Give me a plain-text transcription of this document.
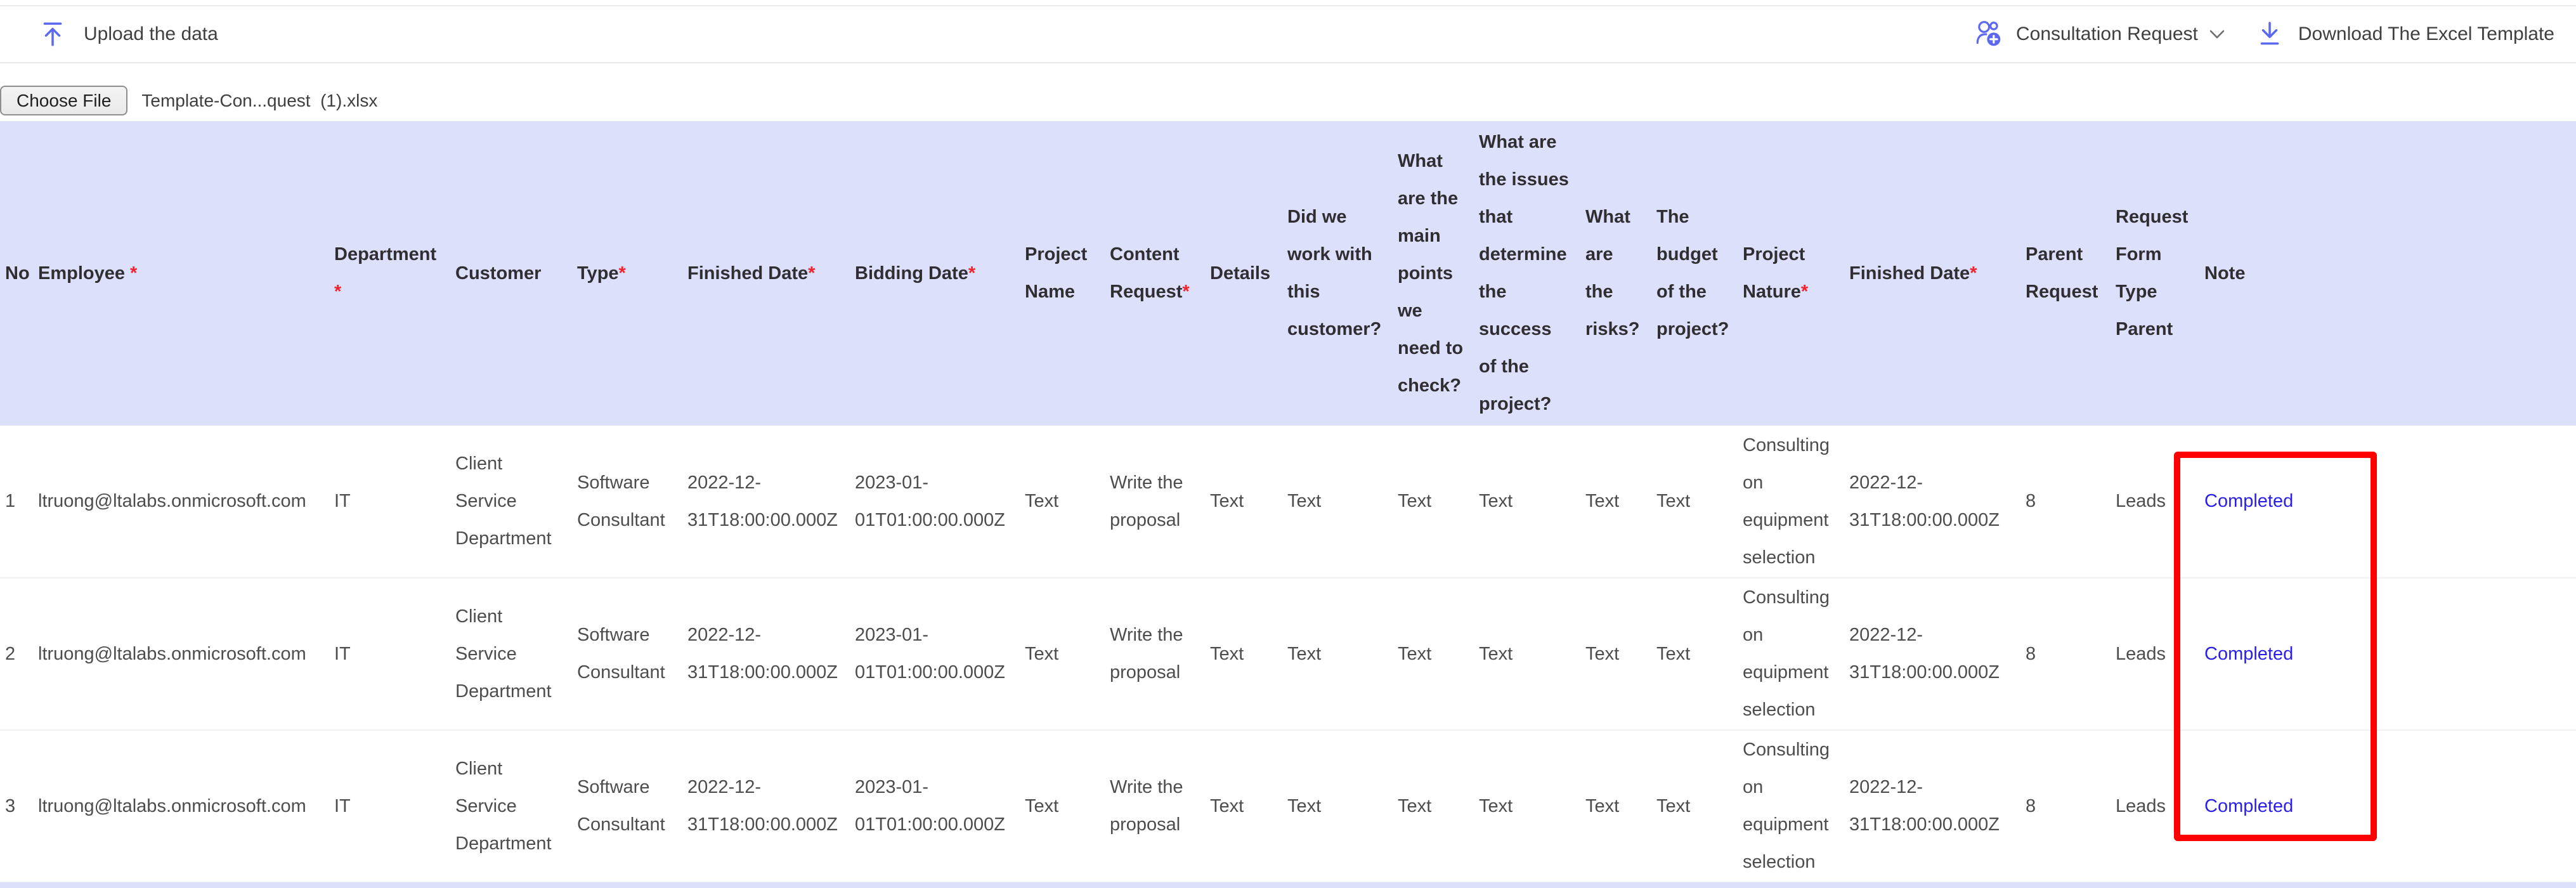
Upload the data	Consultation Request	Download The Excel Template
Choose File	Template-Con...quest  (1).xlsx
No	Employee *	Department *	Customer	Type*	Finished Date*	Bidding Date*	Project Name	Content Request*	Details	Did we work with this customer?	What are the main points we need to check?	What are the issues that determine the success of the project?	What are the risks?	The budget of the project?	Project Nature*	Finished Date*	Parent Request	Request Form Type Parent	Note	
1	ltruong@ltalabs.onmicrosoft.com	IT	Client Service Department	Software Consultant	2022-12-31T18:00:00.000Z	2023-01-01T01:00:00.000Z	Text	Write the proposal	Text	Text	Text	Text	Text	Text	Consulting on equipment selection	2022-12-31T18:00:00.000Z	8	Leads	Completed	
2	ltruong@ltalabs.onmicrosoft.com	IT	Client Service Department	Software Consultant	2022-12-31T18:00:00.000Z	2023-01-01T01:00:00.000Z	Text	Write the proposal	Text	Text	Text	Text	Text	Text	Consulting on equipment selection	2022-12-31T18:00:00.000Z	8	Leads	Completed	
3	ltruong@ltalabs.onmicrosoft.com	IT	Client Service Department	Software Consultant	2022-12-31T18:00:00.000Z	2023-01-01T01:00:00.000Z	Text	Write the proposal	Text	Text	Text	Text	Text	Text	Consulting on equipment selection	2022-12-31T18:00:00.000Z	8	Leads	Completed	
